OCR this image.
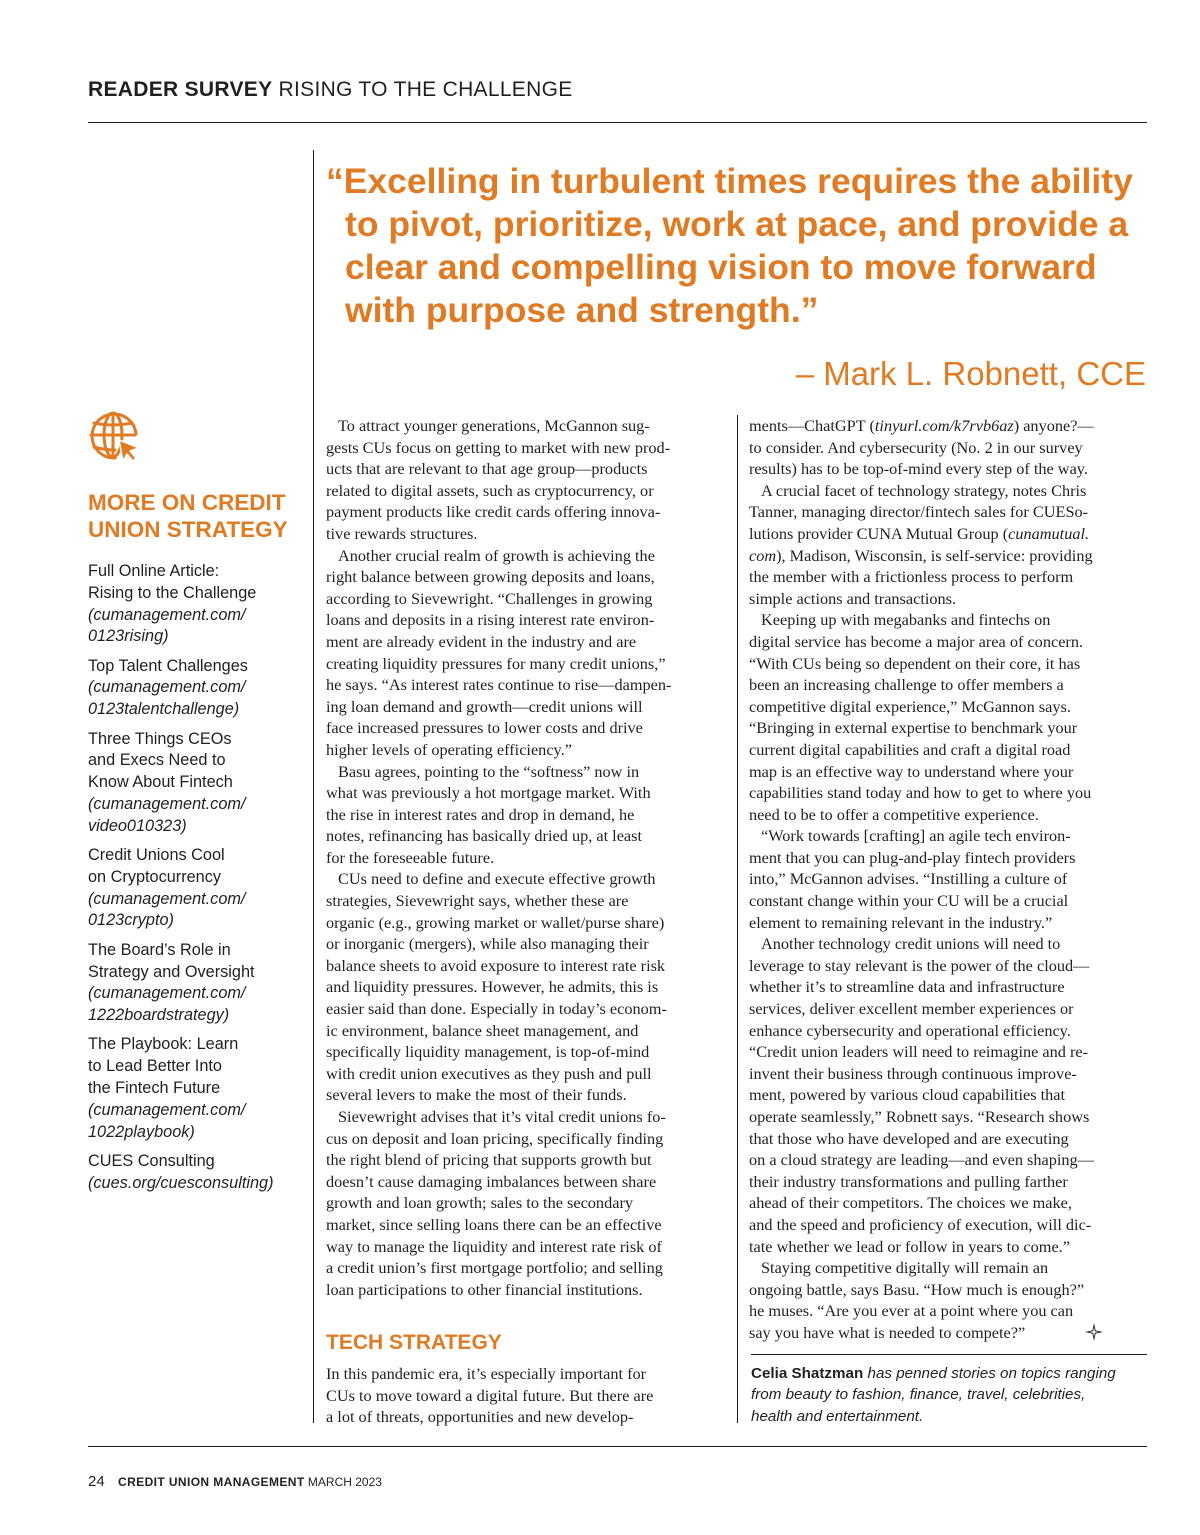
READER SURVEY RISING TO THE CHALLENGE
“Excelling in turbulent times requires the ability
to pivot, prioritize, work at pace, and provide a
clear and compelling vision to move forward
with purpose and strength.”
– Mark L. Robnett, CCE
MORE ON CREDIT
UNION STRATEGY
Full Online Article:
Rising to the Challenge
(cumanagement.com/
0123rising)
Top Talent Challenges
(cumanagement.com/
0123talentchallenge)
Three Things CEOs
and Execs Need to
Know About Fintech
(cumanagement.com/
video010323)
Credit Unions Cool
on Cryptocurrency
(cumanagement.com/
0123crypto)
The Board’s Role in
Strategy and Oversight
(cumanagement.com/
1222boardstrategy)
The Playbook: Learn
to Lead Better Into
the Fintech Future
(cumanagement.com/
1022playbook)
CUES Consulting
(cues.org/cuesconsulting)
To attract younger generations, McGannon sug-
gests CUs focus on getting to market with new prod-
ucts that are relevant to that age group—products
related to digital assets, such as cryptocurrency, or
payment products like credit cards offering innova-
tive rewards structures.
Another crucial realm of growth is achieving the
right balance between growing deposits and loans,
according to Sievewright. “Challenges in growing
loans and deposits in a rising interest rate environ-
ment are already evident in the industry and are
creating liquidity pressures for many credit unions,”
he says. “As interest rates continue to rise—dampen-
ing loan demand and growth—credit unions will
face increased pressures to lower costs and drive
higher levels of operating efficiency.”
Basu agrees, pointing to the “softness” now in
what was previously a hot mortgage market. With
the rise in interest rates and drop in demand, he
notes, refinancing has basically dried up, at least
for the foreseeable future.
CUs need to define and execute effective growth
strategies, Sievewright says, whether these are
organic (e.g., growing market or wallet/purse share)
or inorganic (mergers), while also managing their
balance sheets to avoid exposure to interest rate risk
and liquidity pressures. However, he admits, this is
easier said than done. Especially in today’s econom-
ic environment, balance sheet management, and
specifically liquidity management, is top-of-mind
with credit union executives as they push and pull
several levers to make the most of their funds.
Sievewright advises that it’s vital credit unions fo-
cus on deposit and loan pricing, specifically finding
the right blend of pricing that supports growth but
doesn’t cause damaging imbalances between share
growth and loan growth; sales to the secondary
market, since selling loans there can be an effective
way to manage the liquidity and interest rate risk of
a credit union’s first mortgage portfolio; and selling
loan participations to other financial institutions.
TECH STRATEGY
In this pandemic era, it’s especially important for
CUs to move toward a digital future. But there are
a lot of threats, opportunities and new develop-
ments—ChatGPT (tinyurl.com/k7rvb6az) anyone?—
to consider. And cybersecurity (No. 2 in our survey
results) has to be top-of-mind every step of the way.
A crucial facet of technology strategy, notes Chris
Tanner, managing director/fintech sales for CUESo-
lutions provider CUNA Mutual Group (cunamutual.
com), Madison, Wisconsin, is self-service: providing
the member with a frictionless process to perform
simple actions and transactions.
Keeping up with megabanks and fintechs on
digital service has become a major area of concern.
“With CUs being so dependent on their core, it has
been an increasing challenge to offer members a
competitive digital experience,” McGannon says.
“Bringing in external expertise to benchmark your
current digital capabilities and craft a digital road
map is an effective way to understand where your
capabilities stand today and how to get to where you
need to be to offer a competitive experience.
“Work towards [crafting] an agile tech environ-
ment that you can plug-and-play fintech providers
into,” McGannon advises. “Instilling a culture of
constant change within your CU will be a crucial
element to remaining relevant in the industry.”
Another technology credit unions will need to
leverage to stay relevant is the power of the cloud—
whether it’s to streamline data and infrastructure
services, deliver excellent member experiences or
enhance cybersecurity and operational efficiency.
“Credit union leaders will need to reimagine and re-
invent their business through continuous improve-
ment, powered by various cloud capabilities that
operate seamlessly,” Robnett says. “Research shows
that those who have developed and are executing
on a cloud strategy are leading—and even shaping—
their industry transformations and pulling farther
ahead of their competitors. The choices we make,
and the speed and proficiency of execution, will dic-
tate whether we lead or follow in years to come.”
Staying competitive digitally will remain an
ongoing battle, says Basu. “How much is enough?”
he muses. “Are you ever at a point where you can
say you have what is needed to compete?”
Celia Shatzman has penned stories on topics ranging
from beauty to fashion, finance, travel, celebrities,
health and entertainment.
24 CREDIT UNION MANAGEMENT MARCH 2023
